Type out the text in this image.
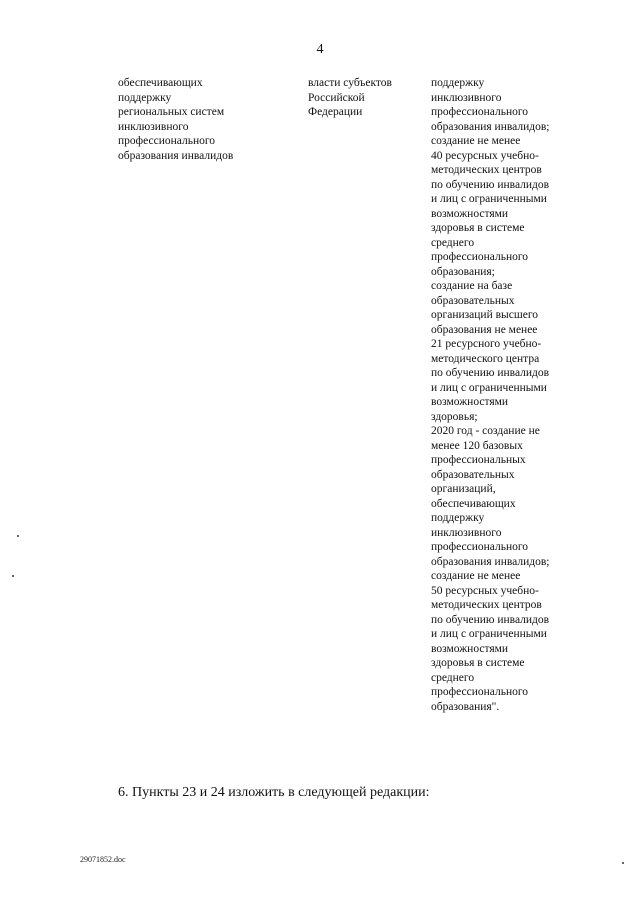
4
обеспечивающих
поддержку
региональных систем
инклюзивного
профессионального
образования инвалидов
власти субъектов
Российской
Федерации
поддержку
инклюзивного
профессионального
образования инвалидов;
создание не менее
40 ресурсных учебно-
методических центров
по обучению инвалидов
и лиц с ограниченными
возможностями
здоровья в системе
среднего
профессионального
образования;
создание на базе
образовательных
организаций высшего
образования не менее
21 ресурсного учебно-
методического центра
по обучению инвалидов
и лиц с ограниченными
возможностями
здоровья;
2020 год - создание не
менее 120 базовых
профессиональных
образовательных
организаций,
обеспечивающих
поддержку
инклюзивного
профессионального
образования инвалидов;
создание не менее
50 ресурсных учебно-
методических центров
по обучению инвалидов
и лиц с ограниченными
возможностями
здоровья в системе
среднего
профессионального
образования".
6. Пункты 23 и 24 изложить в следующей редакции:
29071852.doc
